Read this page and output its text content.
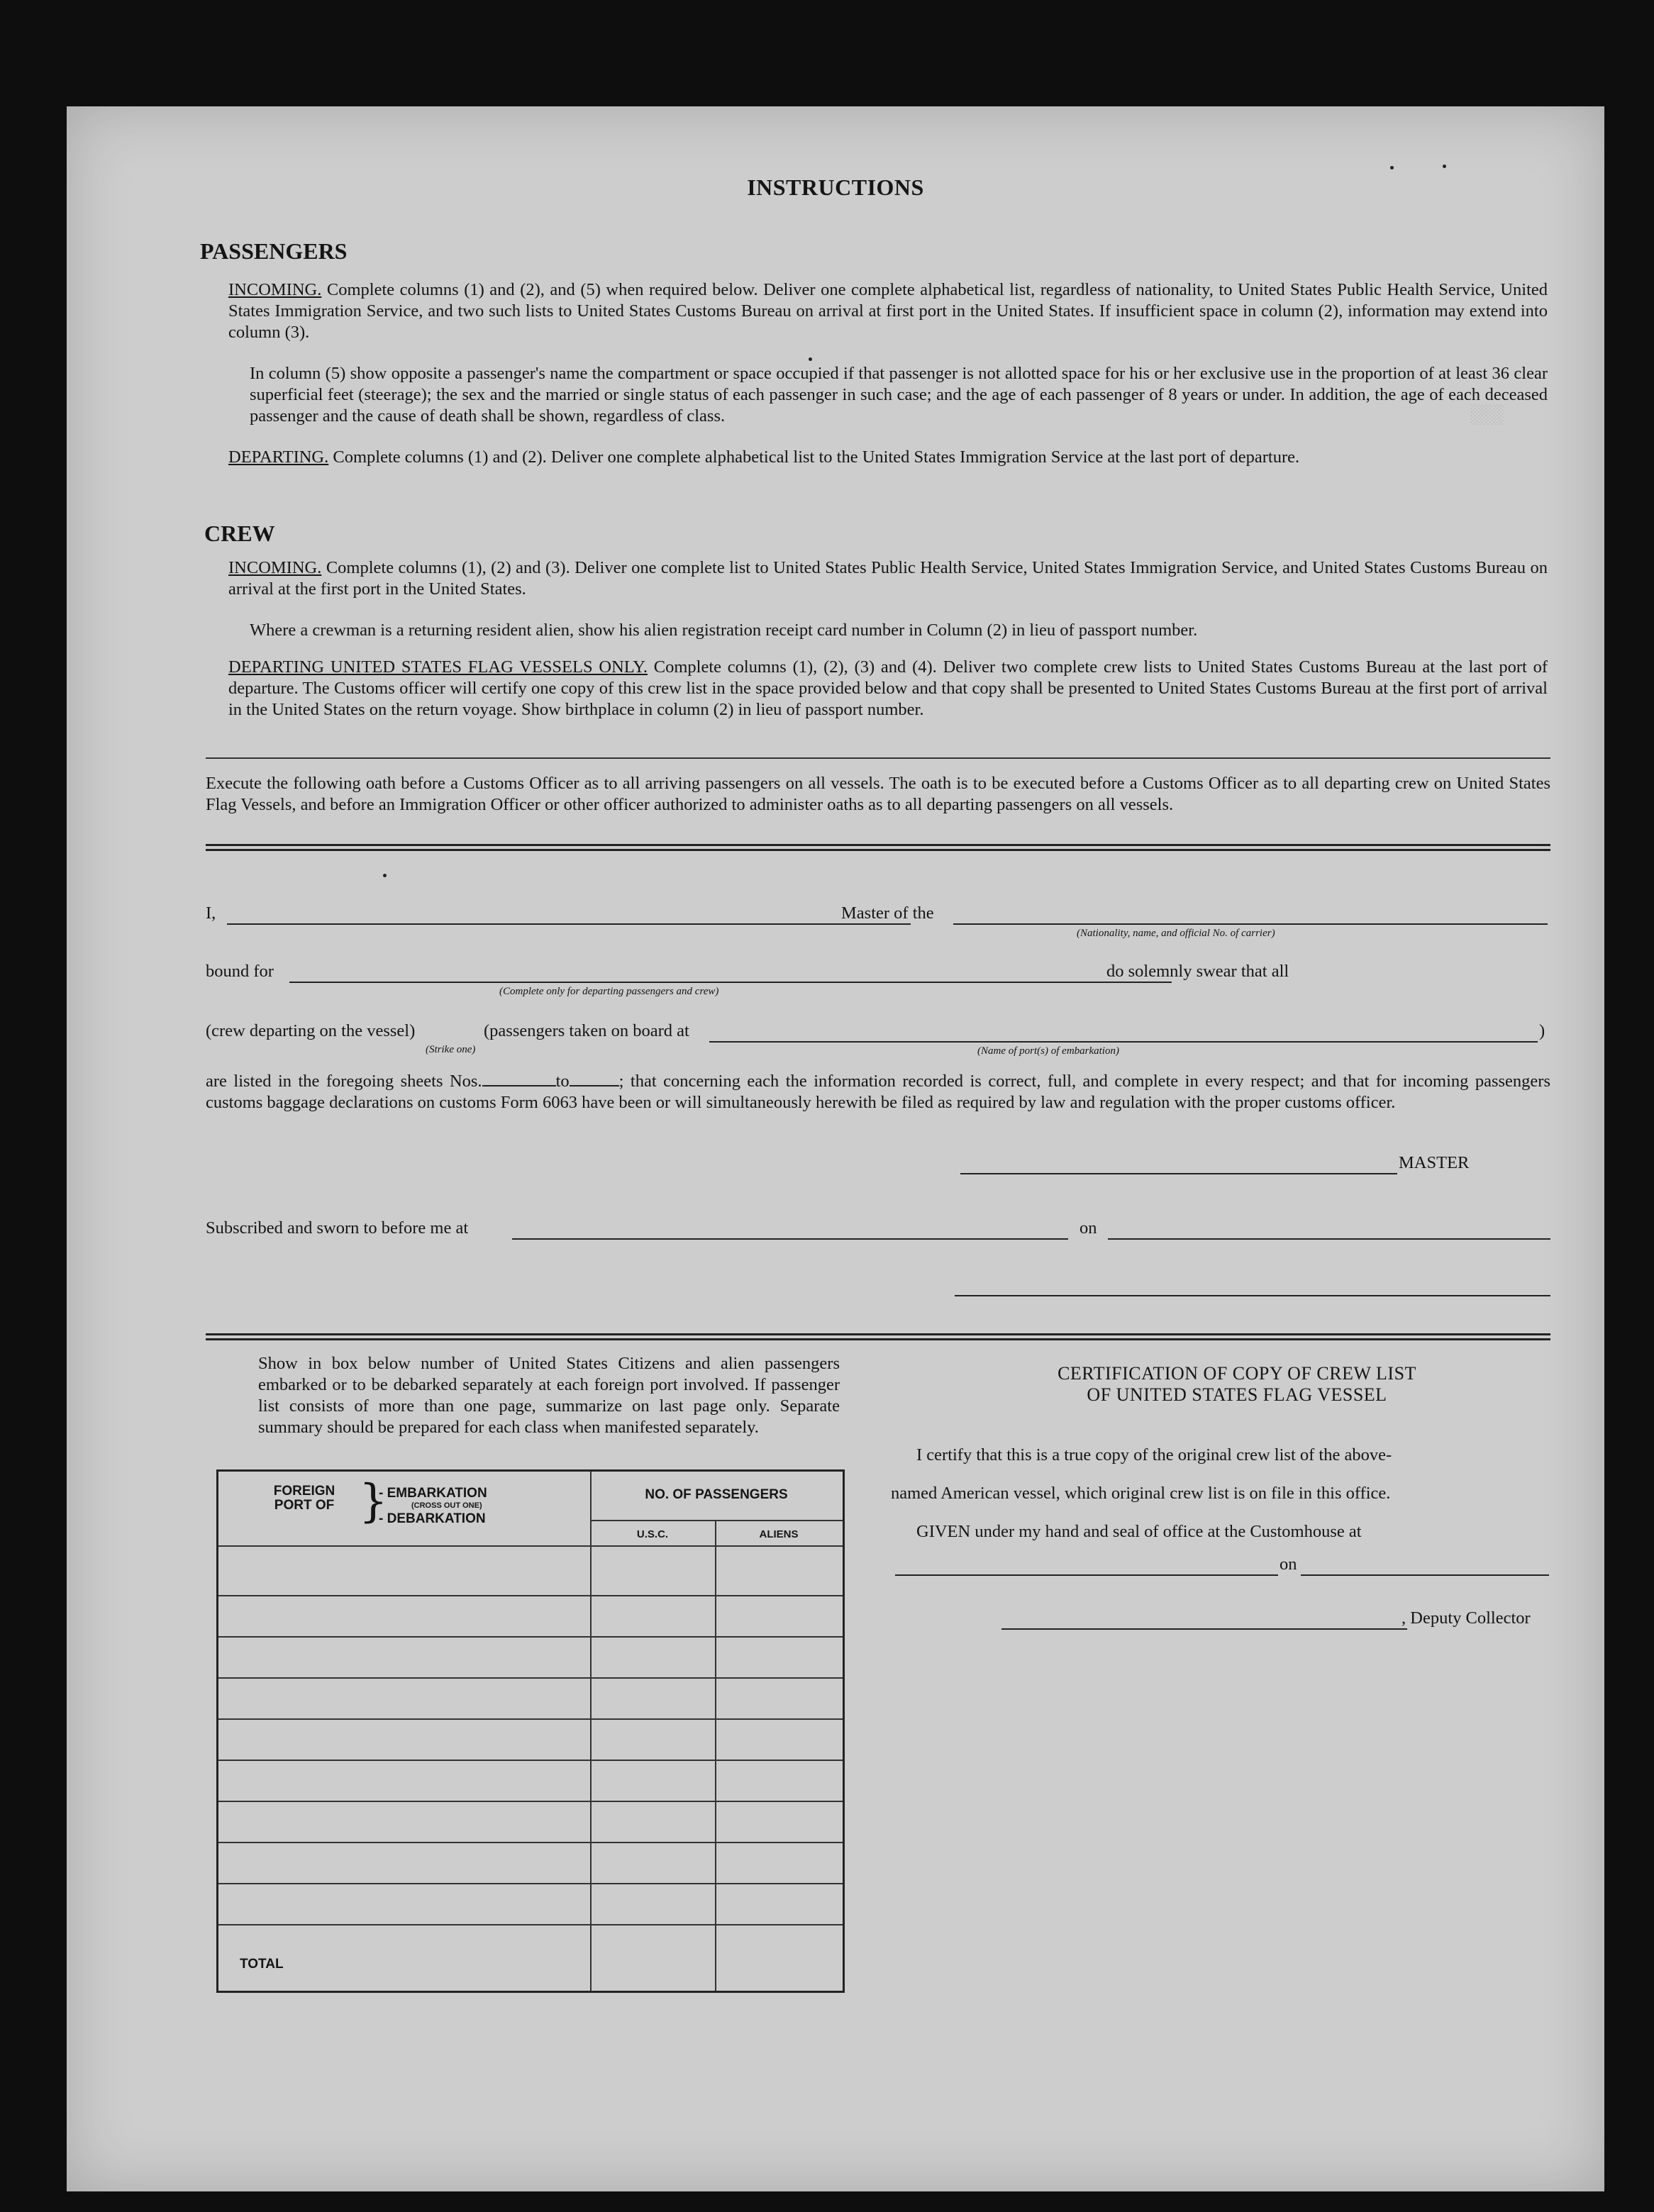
░░░
INSTRUCTIONS
PASSENGERS
INCOMING. Complete columns (1) and (2), and (5) when required below. Deliver one complete alphabetical list, regardless of nationality, to United States Public Health Service, United States Immigration Service, and two such lists to United States Customs Bureau on arrival at first port in the United States. If insufficient space in column (2), information may extend into column (3).
In column (5) show opposite a passenger's name the compartment or space occupied if that passenger is not allotted space for his or her exclusive use in the proportion of at least 36 clear superficial feet (steerage); the sex and the married or single status of each passenger in such case; and the age of each passenger of 8 years or under. In addition, the age of each deceased passenger and the cause of death shall be shown, regardless of class.
DEPARTING. Complete columns (1) and (2). Deliver one complete alphabetical list to the United States Immigration Service at the last port of departure.
CREW
INCOMING. Complete columns (1), (2) and (3). Deliver one complete list to United States Public Health Service, United States Immigration Service, and United States Customs Bureau on arrival at the first port in the United States.
Where a crewman is a returning resident alien, show his alien registration receipt card number in Column (2) in lieu of passport number.
DEPARTING UNITED STATES FLAG VESSELS ONLY. Complete columns (1), (2), (3) and (4). Deliver two complete crew lists to United States Customs Bureau at the last port of departure. The Customs officer will certify one copy of this crew list in the space provided below and that copy shall be presented to United States Customs Bureau at the first port of arrival in the United States on the return voyage. Show birthplace in column (2) in lieu of passport number.
Execute the following oath before a Customs Officer as to all arriving passengers on all vessels. The oath is to be executed before a Customs Officer as to all departing crew on United States Flag Vessels, and before an Immigration Officer or other officer authorized to administer oaths as to all departing passengers on all vessels.
I,	Master of the
(Nationality, name, and official No. of carrier)
bound for
(Complete only for departing passengers and crew)
do solemnly swear that all
(crew departing on the vessel)
(Strike one)
(passengers taken on board at	)
(Name of port(s) of embarkation)
are listed in the foregoing sheets Nos.	to	; that concerning each the information recorded is correct, full, and complete in every respect; and that for incoming passengers customs baggage declarations on customs Form 6063 have been or will simultaneously herewith be filed as required by law and regulation with the proper customs officer.
MASTER
Subscribed and sworn to before me at	on
Show in box below number of United States Citizens and alien passengers embarked or to be debarked separately at each foreign port involved. If passenger list consists of more than one page, summarize on last page only. Separate summary should be prepared for each class when manifested separately.
FOREIGN PORT OF }
- EMBARKATION
(CROSS OUT ONE)
- DEBARKATION
NO. OF PASSENGERS
U.S.C.	ALIENS
TOTAL
CERTIFICATION OF COPY OF CREW LIST
OF UNITED STATES FLAG VESSEL
I certify that this is a true copy of the original crew list of the above-
named American vessel, which original crew list is on file in this office.
GIVEN under my hand and seal of office at the Customhouse at
on
, Deputy Collector
